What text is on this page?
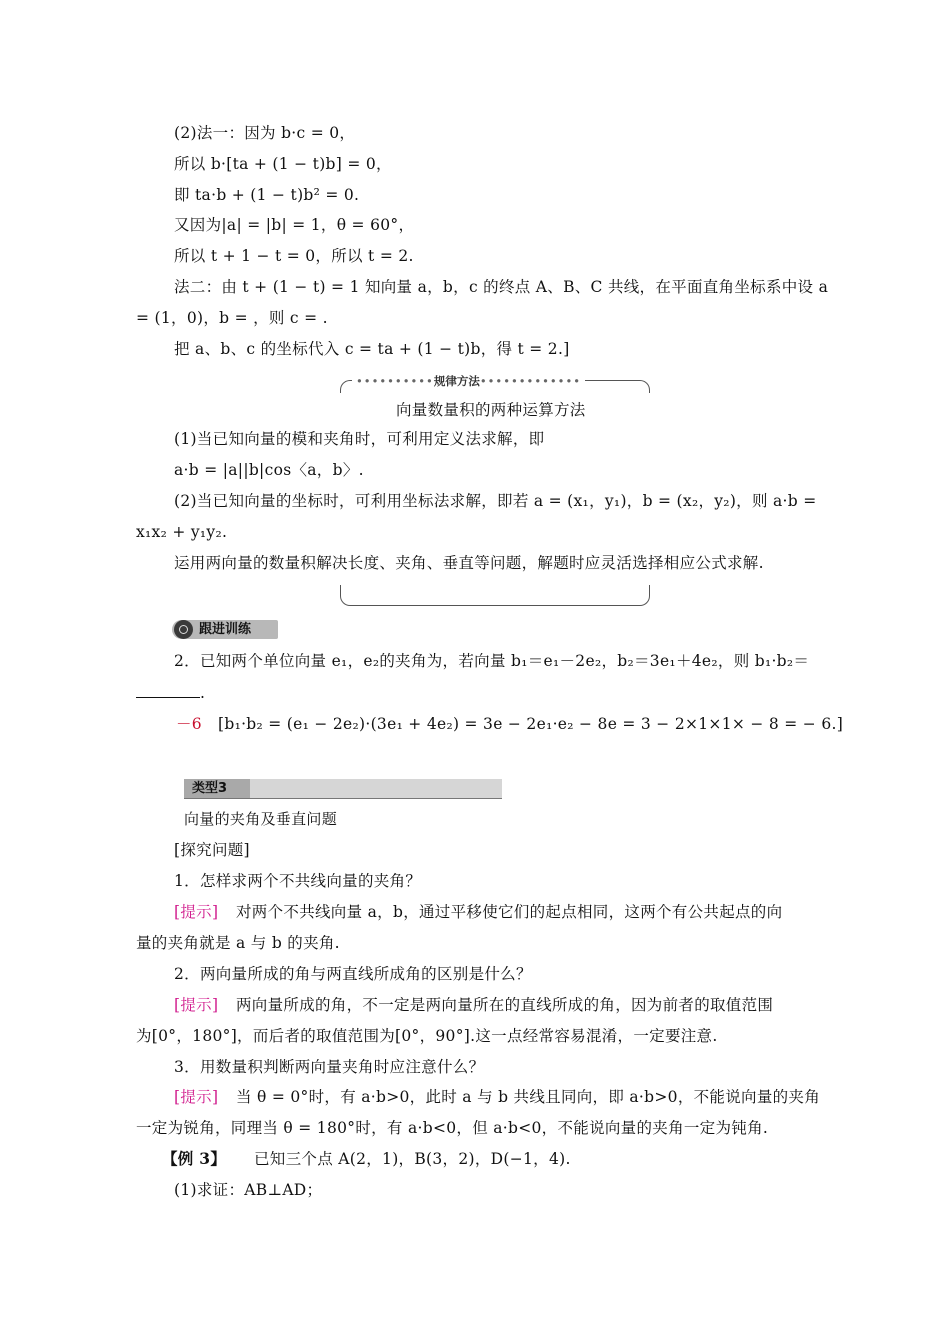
(2)法一：因为 b·c = 0，
所以 b·[ta + (1 − t)b] = 0，
即 ta·b + (1 − t)b² = 0.
又因为|a| = |b| = 1，θ = 60°，
所以 t + 1 − t = 0，所以 t = 2.
法二：由 t + (1 − t) = 1 知向量 a，b，c 的终点 A、B、C 共线，在平面直角坐标系中设 a
= (1，0)，b = ，则 c = .
把 a、b、c 的坐标代入 c = ta + (1 − t)b，得 t = 2.]
••••••••••规律方法•••••••••••••
向量数量积的两种运算方法
(1)当已知向量的模和夹角时，可利用定义法求解，即
a·b = |a||b|cos〈a，b〉.
(2)当已知向量的坐标时，可利用坐标法求解，即若 a = (x₁，y₁)，b = (x₂，y₂)，则 a·b =
x₁x₂ + y₁y₂.
运用两向量的数量积解决长度、夹角、垂直等问题，解题时应灵活选择相应公式求解.
跟进训练
2．已知两个单位向量 e₁，e₂的夹角为，若向量 b₁＝e₁－2e₂，b₂＝3e₁＋4e₂，则 b₁·b₂＝
.
－6 [b₁·b₂ = (e₁ − 2e₂)·(3e₁ + 4e₂) = 3e − 2e₁·e₂ − 8e = 3 − 2×1×1× − 8 = − 6.]
类型3
向量的夹角及垂直问题
[探究问题]
1．怎样求两个不共线向量的夹角？
[提示] 对两个不共线向量 a，b，通过平移使它们的起点相同，这两个有公共起点的向
量的夹角就是 a 与 b 的夹角.
2．两向量所成的角与两直线所成角的区别是什么？
[提示] 两向量所成的角，不一定是两向量所在的直线所成的角，因为前者的取值范围
为[0°，180°]，而后者的取值范围为[0°，90°].这一点经常容易混淆，一定要注意.
3．用数量积判断两向量夹角时应注意什么？
[提示] 当 θ = 0°时，有 a·b>0，此时 a 与 b 共线且同向，即 a·b>0，不能说向量的夹角
一定为锐角，同理当 θ = 180°时，有 a·b<0，但 a·b<0，不能说向量的夹角一定为钝角.
【例 3】 已知三个点 A(2，1)，B(3，2)，D(−1，4).
(1)求证：AB⊥AD；
